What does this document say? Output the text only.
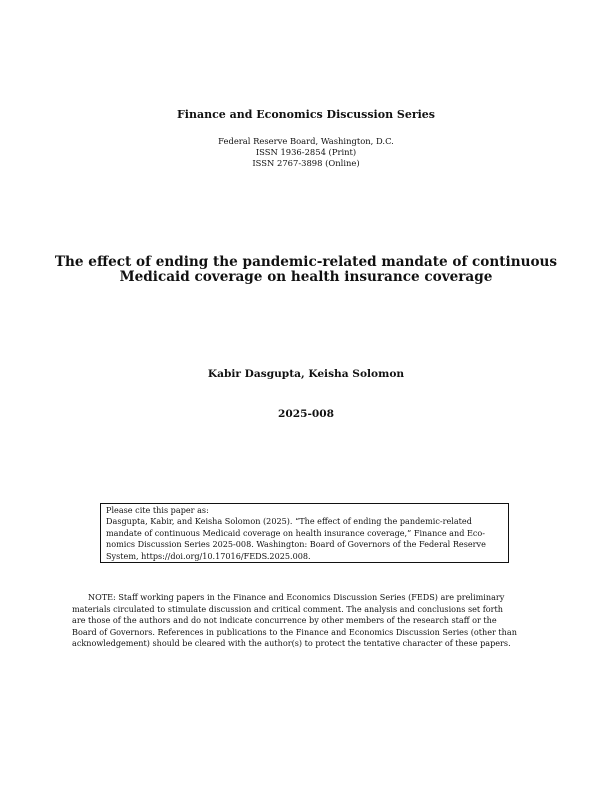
Finance and Economics Discussion Series
Federal Reserve Board, Washington, D.C.
ISSN 1936-2854 (Print)
ISSN 2767-3898 (Online)
The effect of ending the pandemic-related mandate of continuous
Medicaid coverage on health insurance coverage
Kabir Dasgupta, Keisha Solomon
2025-008
Please cite this paper as:
Dasgupta, Kabir, and Keisha Solomon (2025). “The effect of ending the pandemic-related
mandate of continuous Medicaid coverage on health insurance coverage,” Finance and Eco-
nomics Discussion Series 2025-008. Washington: Board of Governors of the Federal Reserve
System, https://doi.org/10.17016/FEDS.2025.008.
NOTE: Staff working papers in the Finance and Economics Discussion Series (FEDS) are preliminary
materials circulated to stimulate discussion and critical comment. The analysis and conclusions set forth
are those of the authors and do not indicate concurrence by other members of the research staff or the
Board of Governors. References in publications to the Finance and Economics Discussion Series (other than
acknowledgement) should be cleared with the author(s) to protect the tentative character of these papers.
